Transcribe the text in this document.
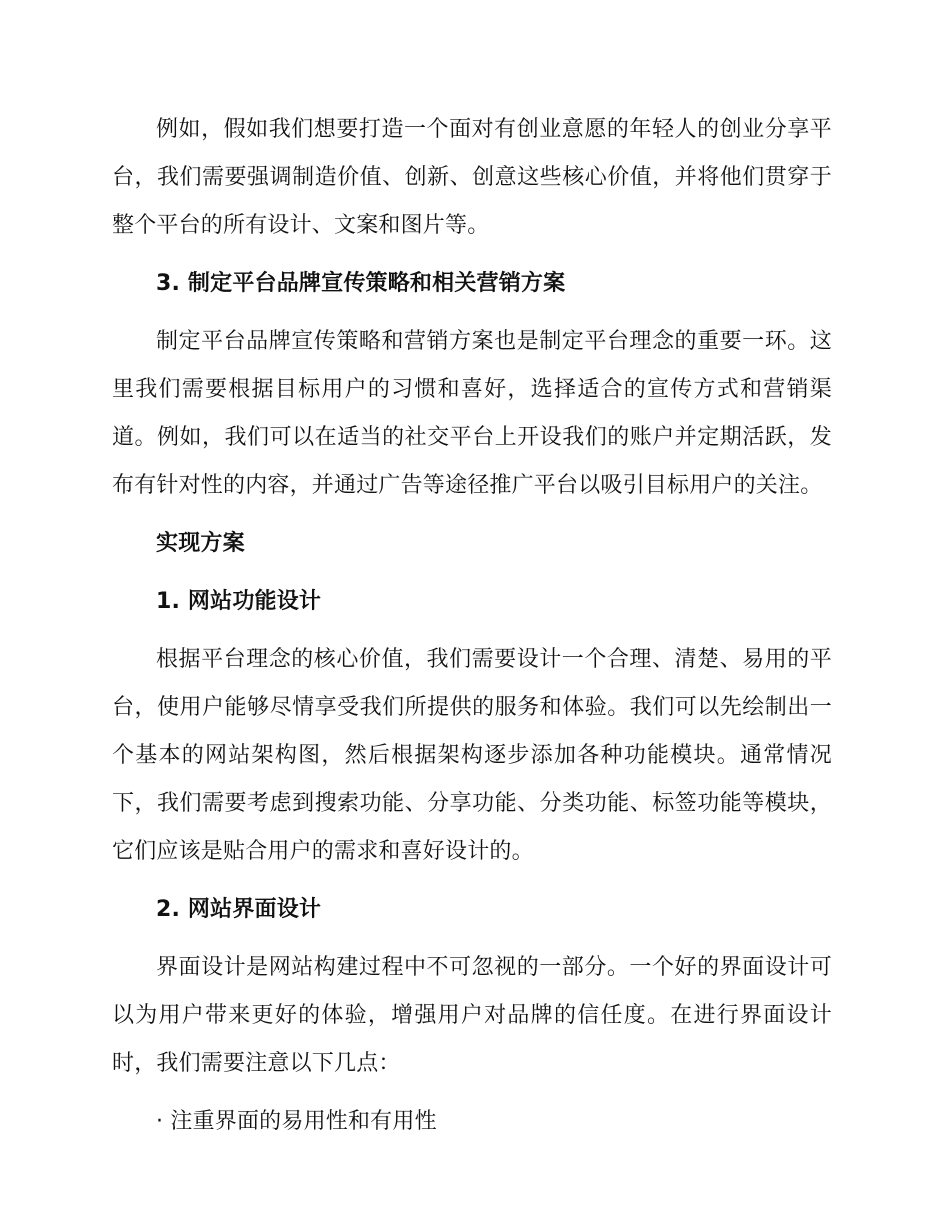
例如，假如我们想要打造一个面对有创业意愿的年轻人的创业分享平台，我们需要强调制造价值、创新、创意这些核心价值，并将他们贯穿于整个平台的所有设计、文案和图片等。

3. 制定平台品牌宣传策略和相关营销方案

制定平台品牌宣传策略和营销方案也是制定平台理念的重要一环。这里我们需要根据目标用户的习惯和喜好，选择适合的宣传方式和营销渠道。例如，我们可以在适当的社交平台上开设我们的账户并定期活跃，发布有针对性的内容，并通过广告等途径推广平台以吸引目标用户的关注。

实现方案

1. 网站功能设计

根据平台理念的核心价值，我们需要设计一个合理、清楚、易用的平台，使用户能够尽情享受我们所提供的服务和体验。我们可以先绘制出一个基本的网站架构图，然后根据架构逐步添加各种功能模块。通常情况下，我们需要考虑到搜索功能、分享功能、分类功能、标签功能等模块，它们应该是贴合用户的需求和喜好设计的。

2. 网站界面设计

界面设计是网站构建过程中不可忽视的一部分。一个好的界面设计可以为用户带来更好的体验，增强用户对品牌的信任度。在进行界面设计时，我们需要注意以下几点：

· 注重界面的易用性和有用性
